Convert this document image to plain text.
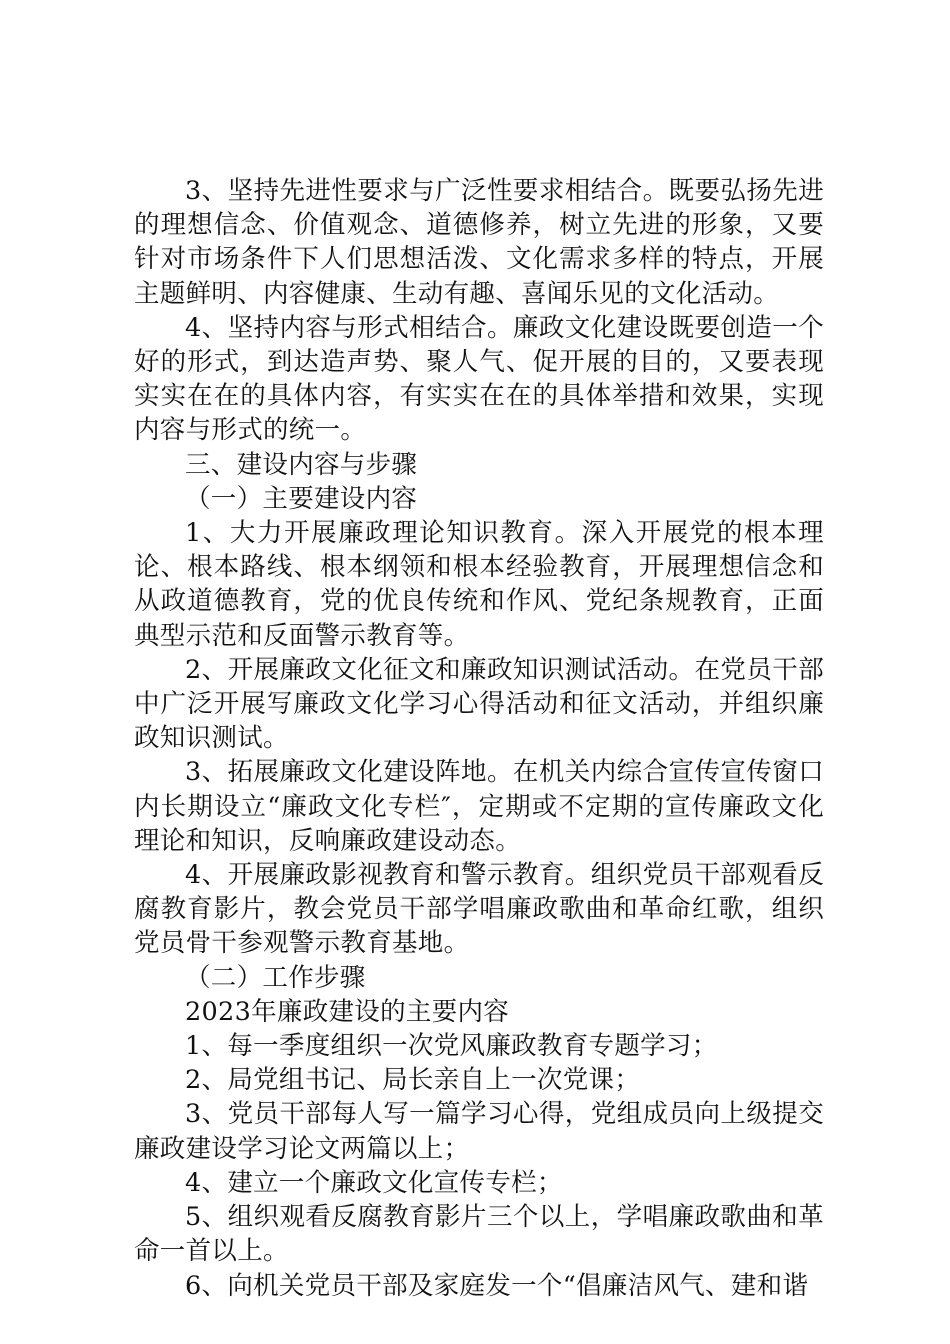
3、坚持先进性要求与广泛性要求相结合。既要弘扬先进的理想信念、价值观念、道德修养，树立先进的形象，又要针对市场条件下人们思想活泼、文化需求多样的特点，开展主题鲜明、内容健康、生动有趣、喜闻乐见的文化活动。

4、坚持内容与形式相结合。廉政文化建设既要创造一个好的形式，到达造声势、聚人气、促开展的目的，又要表现实实在在的具体内容，有实实在在的具体举措和效果，实现内容与形式的统一。

三、建设内容与步骤

（一）主要建设内容

1、大力开展廉政理论知识教育。深入开展党的根本理论、根本路线、根本纲领和根本经验教育，开展理想信念和从政道德教育，党的优良传统和作风、党纪条规教育，正面典型示范和反面警示教育等。

2、开展廉政文化征文和廉政知识测试活动。在党员干部中广泛开展写廉政文化学习心得活动和征文活动，并组织廉政知识测试。

3、拓展廉政文化建设阵地。在机关内综合宣传宣传窗口内长期设立“廉政文化专栏″，定期或不定期的宣传廉政文化理论和知识，反响廉政建设动态。

4、开展廉政影视教育和警示教育。组织党员干部观看反腐教育影片，教会党员干部学唱廉政歌曲和革命红歌，组织党员骨干参观警示教育基地。

（二）工作步骤

2023年廉政建设的主要内容

1、每一季度组织一次党风廉政教育专题学习；

2、局党组书记、局长亲自上一次党课；

3、党员干部每人写一篇学习心得，党组成员向上级提交廉政建设学习论文两篇以上；

4、建立一个廉政文化宣传专栏；

5、组织观看反腐教育影片三个以上，学唱廉政歌曲和革命一首以上。

6、向机关党员干部及家庭发一个“倡廉洁风气、建和谐
